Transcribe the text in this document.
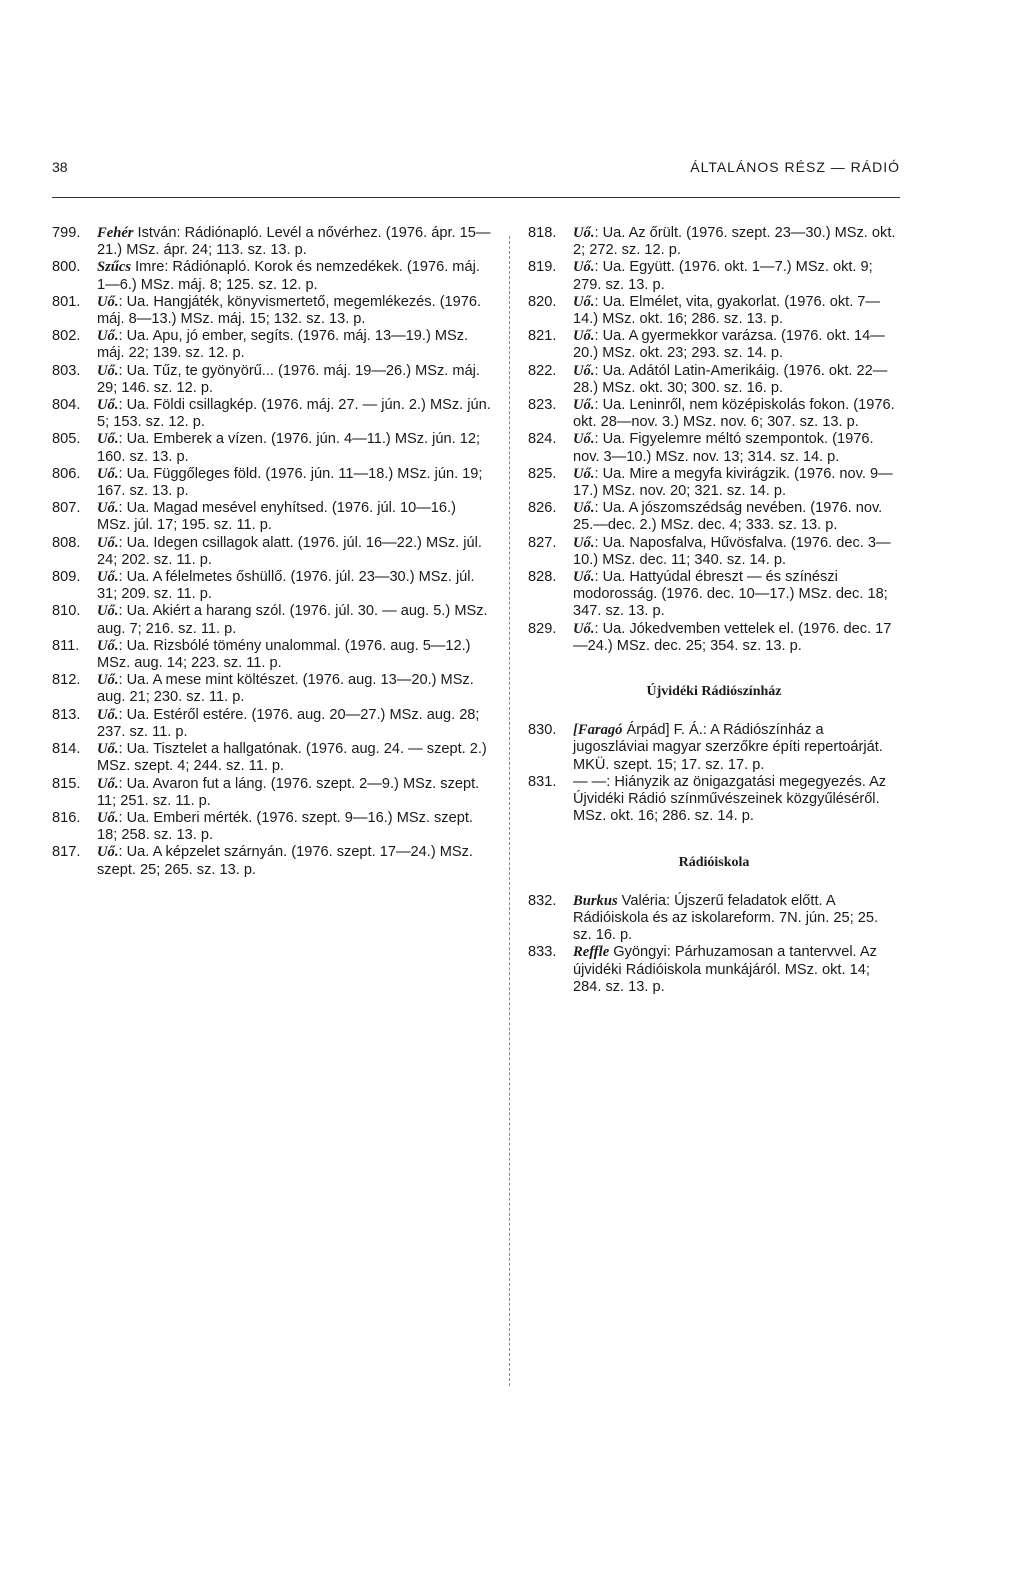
38	ÁLTALÁNOS RÉSZ — RÁDIÓ
799.	Fehér István: Rádiónapló. Levél a nővérhez. (1976. ápr. 15—21.) MSz. ápr. 24; 113. sz. 13. p.
800.	Szűcs Imre: Rádiónapló. Korok és nemzedékek. (1976. máj. 1—6.) MSz. máj. 8; 125. sz. 12. p.
801.	Uő.: Ua. Hangjáték, könyvismertető, megemlékezés. (1976. máj. 8—13.) MSz. máj. 15; 132. sz. 13. p.
802.	Uő.: Ua. Apu, jó ember, segíts. (1976. máj. 13—19.) MSz. máj. 22; 139. sz. 12. p.
803.	Uő.: Ua. Tűz, te gyönyörű... (1976. máj. 19—26.) MSz. máj. 29; 146. sz. 12. p.
804.	Uő.: Ua. Földi csillagkép. (1976. máj. 27. — jún. 2.) MSz. jún. 5; 153. sz. 12. p.
805.	Uő.: Ua. Emberek a vízen. (1976. jún. 4—11.) MSz. jún. 12; 160. sz. 13. p.
806.	Uő.: Ua. Függőleges föld. (1976. jún. 11—18.) MSz. jún. 19; 167. sz. 13. p.
807.	Uő.: Ua. Magad mesével enyhítsed. (1976. júl. 10—16.) MSz. júl. 17; 195. sz. 11. p.
808.	Uő.: Ua. Idegen csillagok alatt. (1976. júl. 16—22.) MSz. júl. 24; 202. sz. 11. p.
809.	Uő.: Ua. A félelmetes őshüllő. (1976. júl. 23—30.) MSz. júl. 31; 209. sz. 11. p.
810.	Uő.: Ua. Akiért a harang szól. (1976. júl. 30. — aug. 5.) MSz. aug. 7; 216. sz. 11. p.
811.	Uő.: Ua. Rizsbólé tömény unalommal. (1976. aug. 5—12.) MSz. aug. 14; 223. sz. 11. p.
812.	Uő.: Ua. A mese mint költészet. (1976. aug. 13—20.) MSz. aug. 21; 230. sz. 11. p.
813.	Uő.: Ua. Estéről estére. (1976. aug. 20—27.) MSz. aug. 28; 237. sz. 11. p.
814.	Uő.: Ua. Tisztelet a hallgatónak. (1976. aug. 24. — szept. 2.) MSz. szept. 4; 244. sz. 11. p.
815.	Uő.: Ua. Avaron fut a láng. (1976. szept. 2—9.) MSz. szept. 11; 251. sz. 11. p.
816.	Uő.: Ua. Emberi mérték. (1976. szept. 9—16.) MSz. szept. 18; 258. sz. 13. p.
817.	Uő.: Ua. A képzelet szárnyán. (1976. szept. 17—24.) MSz. szept. 25; 265. sz. 13. p.
818.	Uő.: Ua. Az őrült. (1976. szept. 23—30.) MSz. okt. 2; 272. sz. 12. p.
819.	Uő.: Ua. Együtt. (1976. okt. 1—7.) MSz. okt. 9; 279. sz. 13. p.
820.	Uő.: Ua. Elmélet, vita, gyakorlat. (1976. okt. 7—14.) MSz. okt. 16; 286. sz. 13. p.
821.	Uő.: Ua. A gyermekkor varázsa. (1976. okt. 14—20.) MSz. okt. 23; 293. sz. 14. p.
822.	Uő.: Ua. Adától Latin-Amerikáig. (1976. okt. 22—28.) MSz. okt. 30; 300. sz. 16. p.
823.	Uő.: Ua. Leninről, nem középiskolás fokon. (1976. okt. 28—nov. 3.) MSz. nov. 6; 307. sz. 13. p.
824.	Uő.: Ua. Figyelemre méltó szempontok. (1976. nov. 3—10.) MSz. nov. 13; 314. sz. 14. p.
825.	Uő.: Ua. Mire a megyfa kivirágzik. (1976. nov. 9—17.) MSz. nov. 20; 321. sz. 14. p.
826.	Uő.: Ua. A jószomszédság nevében. (1976. nov. 25.—dec. 2.) MSz. dec. 4; 333. sz. 13. p.
827.	Uő.: Ua. Naposfalva, Hűvösfalva. (1976. dec. 3—10.) MSz. dec. 11; 340. sz. 14. p.
828.	Uő.: Ua. Hattyúdal ébreszt — és színészi modorosság. (1976. dec. 10—17.) MSz. dec. 18; 347. sz. 13. p.
829.	Uő.: Ua. Jókedvemben vettelek el. (1976. dec. 17—24.) MSz. dec. 25; 354. sz. 13. p.
Újvidéki Rádiószínház
830.	[Faragó Árpád] F. Á.: A Rádiószínház a jugoszláviai magyar szerzőkre építi repertoárját. MKÜ. szept. 15; 17. sz. 17. p.
831.	— —: Hiányzik az önigazgatási megegyezés. Az Újvidéki Rádió színművészeinek közgyűléséről. MSz. okt. 16; 286. sz. 14. p.
Rádióiskola
832.	Burkus Valéria: Újszerű feladatok előtt. A Rádióiskola és az iskolareform. 7N. jún. 25; 25. sz. 16. p.
833.	Reffle Gyöngyi: Párhuzamosan a tantervvel. Az újvidéki Rádióiskola munkájáról. MSz. okt. 14; 284. sz. 13. p.
